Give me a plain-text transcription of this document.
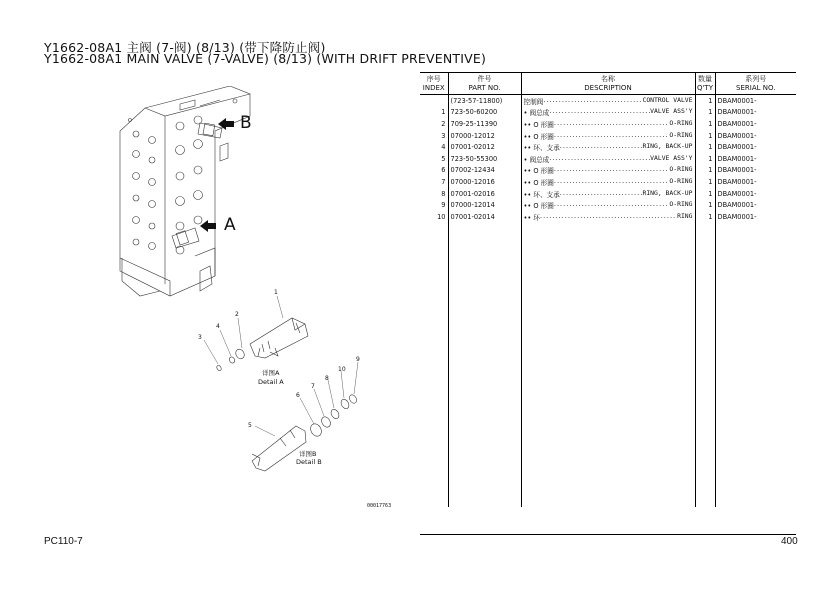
Y1662-08A1 主阀 (7-阀) (8/13) (带下降防止阀)
Y1662-08A1 MAIN VALVE (7-VALVE) (8/13) (WITH DRIFT PREVENTIVE)
B
A
1
2
3
4
5
6
7
8
9
10
详图A
Detail A
详图B
Detail B
00017763
序号	件号	名称	数量	系列号
INDEX	PART NO.	DESCRIPTION	Q'TY	SERIAL NO.
	(723-57-11800)	控制阀 ..... CONTROL VALVE	1	DBAM0001-
1	723-50-60200	• 阀总成 ..... VALVE ASS'Y	1	DBAM0001-
2	709-25-11390	•• O 形圈 ..... O-RING	1	DBAM0001-
3	07000-12012	•• O 形圈 ..... O-RING	1	DBAM0001-
4	07001-02012	•• 环、支承 ..... RING, BACK-UP	1	DBAM0001-
5	723-50-55300	• 阀总成 ..... VALVE ASS'Y	1	DBAM0001-
6	07002-12434	•• O 形圈 ..... O-RING	1	DBAM0001-
7	07000-12016	•• O 形圈 ..... O-RING	1	DBAM0001-
8	07001-02016	•• 环、支承 ..... RING, BACK-UP	1	DBAM0001-
9	07000-12014	•• O 形圈 ..... O-RING	1	DBAM0001-
10	07001-02014	•• 环 ..... RING	1	DBAM0001-

PC110-7	400
